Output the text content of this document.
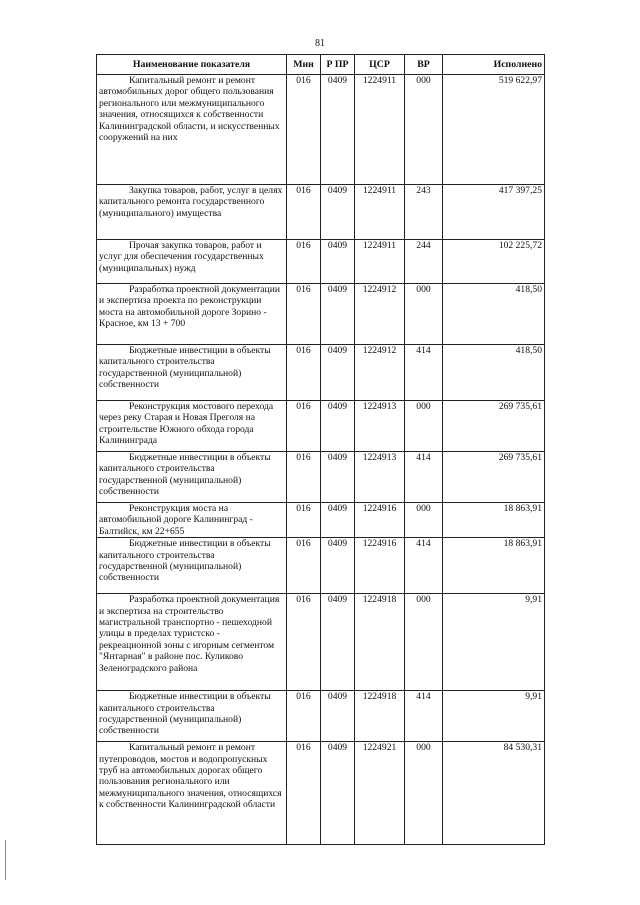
81
Наименование показателя	Мин	Р ПР	ЦСР	ВР	Исполнено
Капитальный ремонт и ремонт автомобильных дорог общего пользования регионального или межмуниципального значения, относящихся к собственности Калининградской области, и искусственных сооружений на них	016	0409	1224911	000	519 622,97
Закупка товаров, работ, услуг в целях капитального ремонта государственного (муниципального) имущества	016	0409	1224911	243	417 397,25
Прочая закупка товаров, работ и услуг для обеспечения государственных (муниципальных) нужд	016	0409	1224911	244	102 225,72
Разработка проектной документации и экспертиза проекта по реконструкции моста на автомобильной дороге Зорино - Красное, км 13 + 700	016	0409	1224912	000	418,50
Бюджетные инвестиции в объекты капитального строительства государственной (муниципальной) собственности	016	0409	1224912	414	418,50
Реконструкция мостового перехода через реку Старая и Новая Преголя на строительстве Южного обхода города Калининграда	016	0409	1224913	000	269 735,61
Бюджетные инвестиции в объекты капитального строительства государственной (муниципальной) собственности	016	0409	1224913	414	269 735,61
Реконструкция моста на автомобильной дороге Калининград - Балтийск, км 22+655	016	0409	1224916	000	18 863,91
Бюджетные инвестиции в объекты капитального строительства государственной (муниципальной) собственности	016	0409	1224916	414	18 863,91
Разработка проектной документация и экспертиза на строительство магистральной транспортно - пешеходной улицы в пределах туристско - рекреационной зоны с игорным сегментом "Янтарная" в районе пос. Куликово Зеленоградского района	016	0409	1224918	000	9,91
Бюджетные инвестиции в объекты капитального строительства государственной (муниципальной) собственности	016	0409	1224918	414	9,91
Капитальный ремонт и ремонт путепроводов, мостов и водопропускных труб на автомобильных дорогах общего пользования регионального или межмуниципального значения, относящихся к собственности Калининградской области	016	0409	1224921	000	84 530,31
